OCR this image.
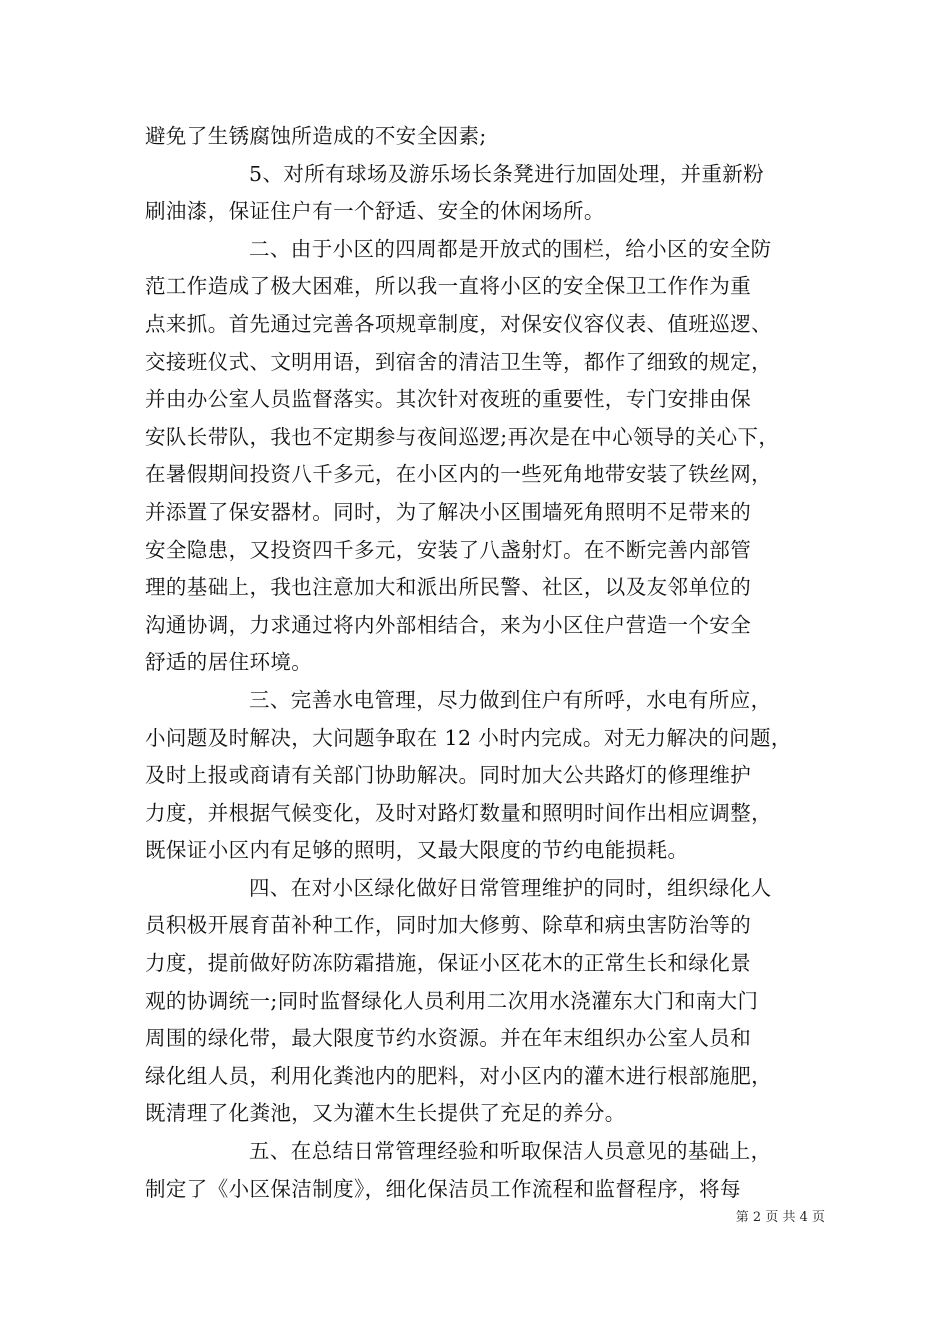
避免了生锈腐蚀所造成的不安全因素;
5、对所有球场及游乐场长条凳进行加固处理，并重新粉
刷油漆，保证住户有一个舒适、安全的休闲场所。
二、由于小区的四周都是开放式的围栏，给小区的安全防
范工作造成了极大困难，所以我一直将小区的安全保卫工作作为重
点来抓。首先通过完善各项规章制度，对保安仪容仪表、值班巡逻、
交接班仪式、文明用语，到宿舍的清洁卫生等，都作了细致的规定，
并由办公室人员监督落实。其次针对夜班的重要性，专门安排由保
安队长带队，我也不定期参与夜间巡逻;再次是在中心领导的关心下，
在暑假期间投资八千多元，在小区内的一些死角地带安装了铁丝网，
并添置了保安器材。同时，为了解决小区围墙死角照明不足带来的
安全隐患，又投资四千多元，安装了八盏射灯。在不断完善内部管
理的基础上，我也注意加大和派出所民警、社区，以及友邻单位的
沟通协调，力求通过将内外部相结合，来为小区住户营造一个安全
舒适的居住环境。
三、完善水电管理，尽力做到住户有所呼，水电有所应，
小问题及时解决，大问题争取在 12 小时内完成。对无力解决的问题，
及时上报或商请有关部门协助解决。同时加大公共路灯的修理维护
力度，并根据气候变化，及时对路灯数量和照明时间作出相应调整，
既保证小区内有足够的照明，又最大限度的节约电能损耗。
四、在对小区绿化做好日常管理维护的同时，组织绿化人
员积极开展育苗补种工作，同时加大修剪、除草和病虫害防治等的
力度，提前做好防冻防霜措施，保证小区花木的正常生长和绿化景
观的协调统一;同时监督绿化人员利用二次用水浇灌东大门和南大门
周围的绿化带，最大限度节约水资源。并在年末组织办公室人员和
绿化组人员，利用化粪池内的肥料，对小区内的灌木进行根部施肥，
既清理了化粪池，又为灌木生长提供了充足的养分。
五、在总结日常管理经验和听取保洁人员意见的基础上，
制定了《小区保洁制度》，细化保洁员工作流程和监督程序，将每
第 2 页 共 4 页
